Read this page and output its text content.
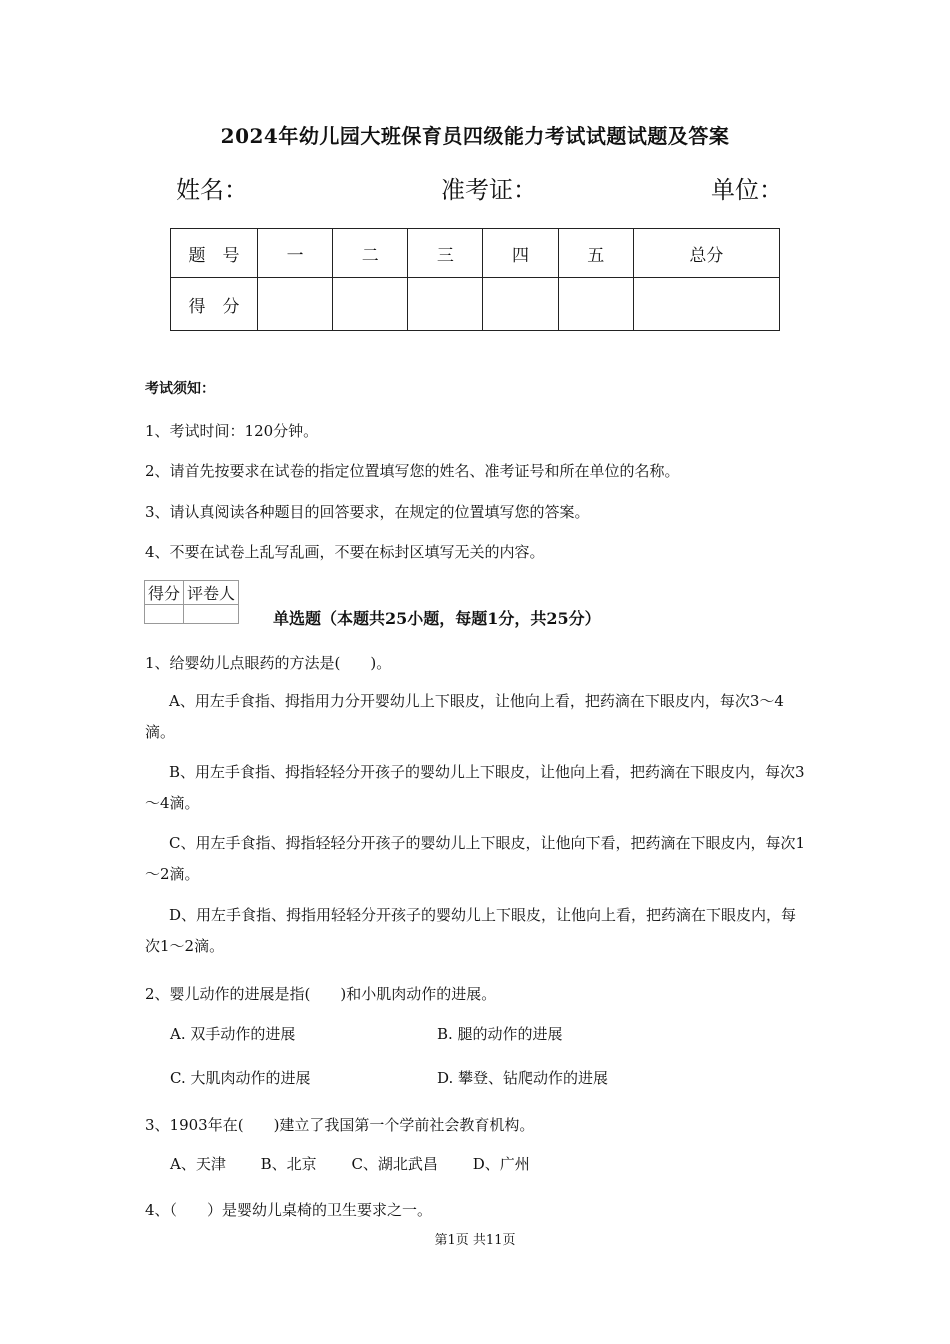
2024年幼儿园大班保育员四级能力考试试题试题及答案
姓名：	准考证：	单位：
题　号	一	二	三	四	五	总分
得　分						
考试须知：
1、考试时间：120分钟。
2、请首先按要求在试卷的指定位置填写您的姓名、准考证号和所在单位的名称。
3、请认真阅读各种题目的回答要求，在规定的位置填写您的答案。
4、不要在试卷上乱写乱画，不要在标封区填写无关的内容。
得分	评卷人

单选题（本题共25小题，每题1分，共25分）
1、给婴幼儿点眼药的方法是(　　)。
A、用左手食指、拇指用力分开婴幼儿上下眼皮，让他向上看，把药滴在下眼皮内，每次3～4滴。
B、用左手食指、拇指轻轻分开孩子的婴幼儿上下眼皮，让他向上看，把药滴在下眼皮内，每次3～4滴。
C、用左手食指、拇指轻轻分开孩子的婴幼儿上下眼皮，让他向下看，把药滴在下眼皮内，每次1～2滴。
D、用左手食指、拇指用轻轻分开孩子的婴幼儿上下眼皮，让他向上看，把药滴在下眼皮内，每次1～2滴。
2、婴儿动作的进展是指(　　)和小肌肉动作的进展。
A. 双手动作的进展	B. 腿的动作的进展
C. 大肌肉动作的进展	D. 攀登、钻爬动作的进展
3、1903年在(　　)建立了我国第一个学前社会教育机构。
A、天津 B、北京 C、湖北武昌 D、广州
4、（　　）是婴幼儿桌椅的卫生要求之一。
第1页 共11页
